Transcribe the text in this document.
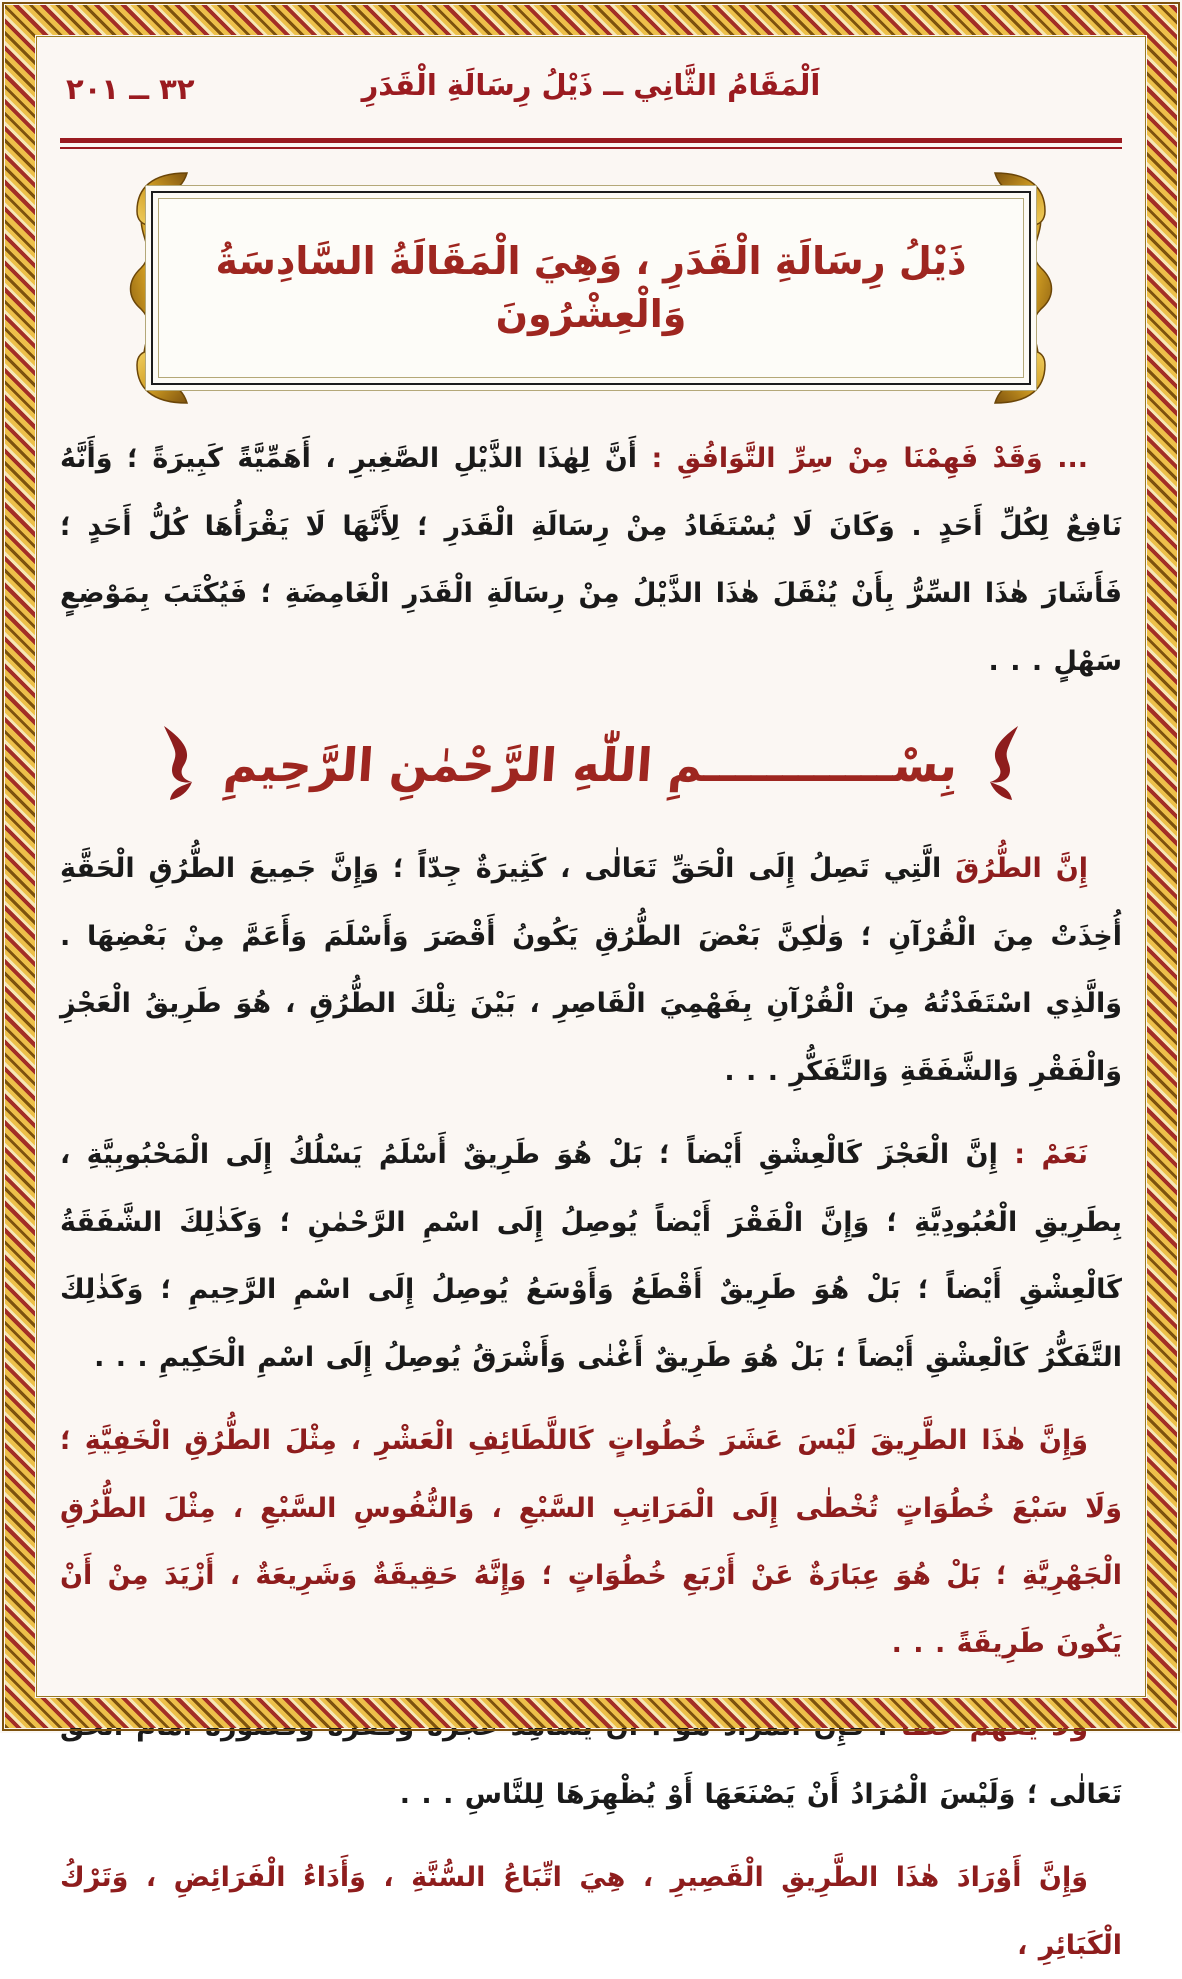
٣٢ ــ ٢٠١	اَلْمَقَامُ الثَّانِي ــ ذَيْلُ رِسَالَةِ الْقَدَرِ
ذَيْلُ رِسَالَةِ الْقَدَرِ ، وَهِيَ الْمَقَالَةُ السَّادِسَةُ وَالْعِشْرُونَ

... وَقَدْ فَهِمْنَا مِنْ سِرِّ التَّوَافُقِ : أَنَّ لِهٰذَا الذَّيْلِ الصَّغِيرِ ، أَهَمِّيَّةً كَبِيرَةً ؛ وَأَنَّهُ نَافِعٌ لِكُلِّ أَحَدٍ . وَكَانَ لَا يُسْتَفَادُ مِنْ رِسَالَةِ الْقَدَرِ ؛ لِأَنَّهَا لَا يَقْرَأُهَا كُلُّ أَحَدٍ ؛ فَأَشَارَ هٰذَا السِّرُّ بِأَنْ يُنْقَلَ هٰذَا الذَّيْلُ مِنْ رِسَالَةِ الْقَدَرِ الْغَامِضَةِ ؛ فَيُكْتَبَ بِمَوْضِعٍ سَهْلٍ . . .

بِسْــــــــــــمِ اللّٰهِ الرَّحْمٰنِ الرَّحِيمِ

إِنَّ الطُّرُقَ الَّتِي تَصِلُ إِلَى الْحَقِّ تَعَالٰى ، كَثِيرَةٌ جِدّاً ؛ وَإِنَّ جَمِيعَ الطُّرُقِ الْحَقَّةِ أُخِذَتْ مِنَ الْقُرْآنِ ؛ وَلٰكِنَّ بَعْضَ الطُّرُقِ يَكُونُ أَقْصَرَ وَأَسْلَمَ وَأَعَمَّ مِنْ بَعْضِهَا . وَالَّذِي اسْتَفَدْتُهُ مِنَ الْقُرْآنِ بِفَهْمِيَ الْقَاصِرِ ، بَيْنَ تِلْكَ الطُّرُقِ ، هُوَ طَرِيقُ الْعَجْزِ وَالْفَقْرِ وَالشَّفَقَةِ وَالتَّفَكُّرِ . . .

نَعَمْ : إِنَّ الْعَجْزَ كَالْعِشْقِ أَيْضاً ؛ بَلْ هُوَ طَرِيقٌ أَسْلَمُ يَسْلُكُ إِلَى الْمَحْبُوبِيَّةِ ، بِطَرِيقِ الْعُبُودِيَّةِ ؛ وَإِنَّ الْفَقْرَ أَيْضاً يُوصِلُ إِلَى اسْمِ الرَّحْمٰنِ ؛ وَكَذٰلِكَ الشَّفَقَةُ كَالْعِشْقِ أَيْضاً ؛ بَلْ هُوَ طَرِيقٌ أَقْطَعُ وَأَوْسَعُ يُوصِلُ إِلَى اسْمِ الرَّحِيمِ ؛ وَكَذٰلِكَ التَّفَكُّرُ كَالْعِشْقِ أَيْضاً ؛ بَلْ هُوَ طَرِيقٌ أَغْنٰى وَأَشْرَقُ يُوصِلُ إِلَى اسْمِ الْحَكِيمِ . . .

وَإِنَّ هٰذَا الطَّرِيقَ لَيْسَ عَشَرَ خُطُواتٍ كَاللَّطَائِفِ الْعَشْرِ ، مِثْلَ الطُّرُقِ الْخَفِيَّةِ ؛ وَلَا سَبْعَ خُطُوَاتٍ تُخْطٰى إِلَى الْمَرَاتِبِ السَّبْعِ ، وَالنُّفُوسِ السَّبْعِ ، مِثْلَ الطُّرُقِ الْجَهْرِيَّةِ ؛ بَلْ هُوَ عِبَارَةٌ عَنْ أَرْبَعِ خُطُوَاتٍ ؛ وَإِنَّهُ حَقِيقَةٌ وَشَرِيعَةٌ ، أَزْيَدَ مِنْ أَنْ يَكُونَ طَرِيقَةً . . .

وَلَا يُفْهَمْ خَطَأً ، فَإِنَّ الْمُرَادَ هُوَ : أَنْ يُشَاهِدَ عَجْزَهُ وَفَقْرَهُ وَقُصُورَهُ أَمَامَ الْحَقِّ تَعَالٰى ؛ وَلَيْسَ الْمُرَادُ أَنْ يَصْنَعَهَا أَوْ يُظْهِرَهَا لِلنَّاسِ . . .

وَإِنَّ أَوْرَادَ هٰذَا الطَّرِيقِ الْقَصِيرِ ، هِيَ اتِّبَاعُ السُّنَّةِ ، وَأَدَاءُ الْفَرَائِضِ ، وَتَرْكُ الْكَبَائِرِ ،
